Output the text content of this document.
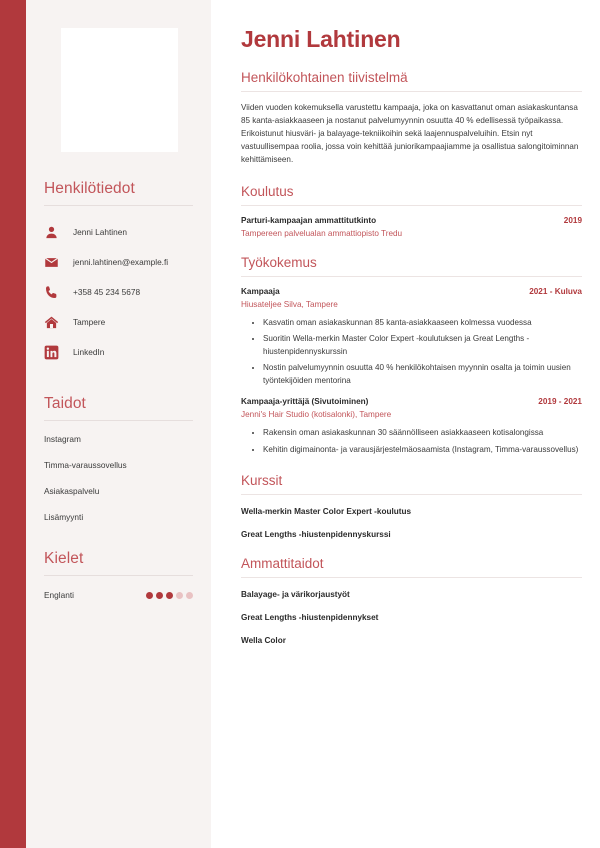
Henkilötiedot
Jenni Lahtinen
jenni.lahtinen@example.fi
+358 45 234 5678
Tampere
LinkedIn
Taidot
Instagram
Timma-varaussovellus
Asiakaspalvelu
Lisämyynti
Kielet
Englanti
Jenni Lahtinen
Henkilökohtainen tiivistelmä

Viiden vuoden kokemuksella varustettu kampaaja, joka on kasvattanut oman asiakaskuntansa 85 kanta-asiakkaaseen ja nostanut palvelumyynnin osuutta 40 % edellisessä työpaikassa. Erikoistunut hiusväri- ja balayage-tekniikoihin sekä laajennuspalveluihin. Etsin nyt vastuullisempaa roolia, jossa voin kehittää juniorikampaajiamme ja osallistua salongitoiminnan kehittämiseen.

Koulutus
Parturi-kampaajan ammattitutkinto	2019
Tampereen palvelualan ammattiopisto Tredu
Työkokemus
Kampaaja	2021 - Kuluva
Hiusateljee Silva, Tampere
• Kasvatin oman asiakaskunnan 85 kanta-asiakkaaseen kolmessa vuodessa
• Suoritin Wella-merkin Master Color Expert -koulutuksen ja Great Lengths -hiustenpidennyskurssin
• Nostin palvelumyynnin osuutta 40 % henkilökohtaisen myynnin osalta ja toimin uusien työntekijöiden mentorina
Kampaaja-yrittäjä (Sivutoiminen)	2019 - 2021
Jenni's Hair Studio (kotisalonki), Tampere
• Rakensin oman asiakaskunnan 30 säännölliseen asiakkaaseen kotisalongissa
• Kehitin digimainonta- ja varausjärjestelmäosaamista (Instagram, Timma-varaussovellus)
Kurssit
Wella-merkin Master Color Expert -koulutus
Great Lengths -hiustenpidennyskurssi
Ammattitaidot
Balayage- ja värikorjaustyöt
Great Lengths -hiustenpidennykset
Wella Color
